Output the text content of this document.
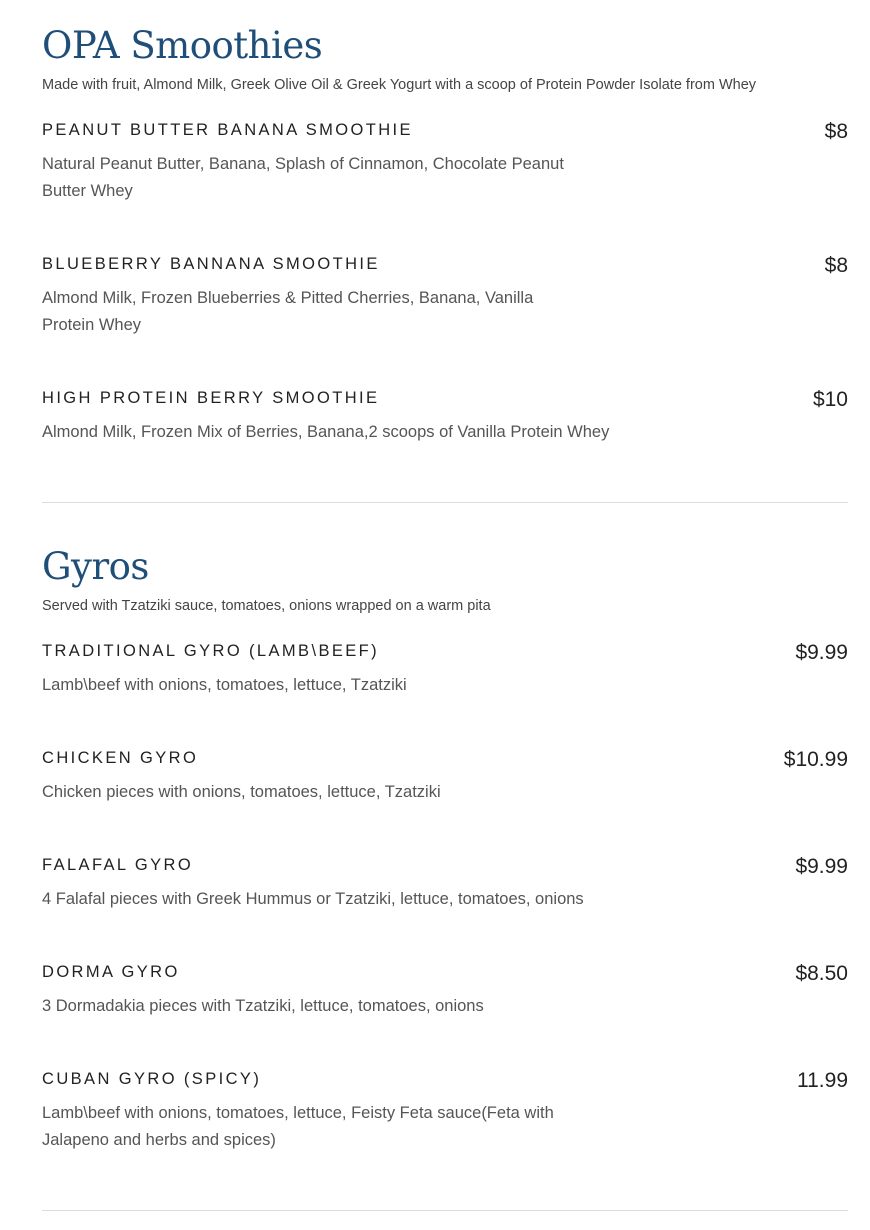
OPA Smoothies

Made with fruit, Almond Milk, Greek Olive Oil & Greek Yogurt with a scoop of Protein Powder Isolate from Whey

PEANUT BUTTER BANANA SMOOTHIE	$8

Natural Peanut Butter, Banana, Splash of Cinnamon, Chocolate Peanut
Butter Whey

BLUEBERRY BANNANA SMOOTHIE	$8

Almond Milk, Frozen Blueberries & Pitted Cherries, Banana, Vanilla
Protein Whey

HIGH PROTEIN BERRY SMOOTHIE	$10

Almond Milk, Frozen Mix of Berries, Banana,2 scoops of Vanilla Protein Whey

Gyros

Served with Tzatziki sauce, tomatoes, onions wrapped on a warm pita

TRADITIONAL GYRO (LAMB\BEEF)	$9.99

Lamb\beef with onions, tomatoes, lettuce, Tzatziki

CHICKEN GYRO	$10.99

Chicken pieces with onions, tomatoes, lettuce, Tzatziki

FALAFAL GYRO	$9.99

4 Falafal pieces with Greek Hummus or Tzatziki, lettuce, tomatoes, onions

DORMA GYRO	$8.50

3 Dormadakia pieces with Tzatziki, lettuce, tomatoes, onions

CUBAN GYRO (SPICY)	11.99

Lamb\beef with onions, tomatoes, lettuce, Feisty Feta sauce(Feta with
Jalapeno and herbs and spices)
